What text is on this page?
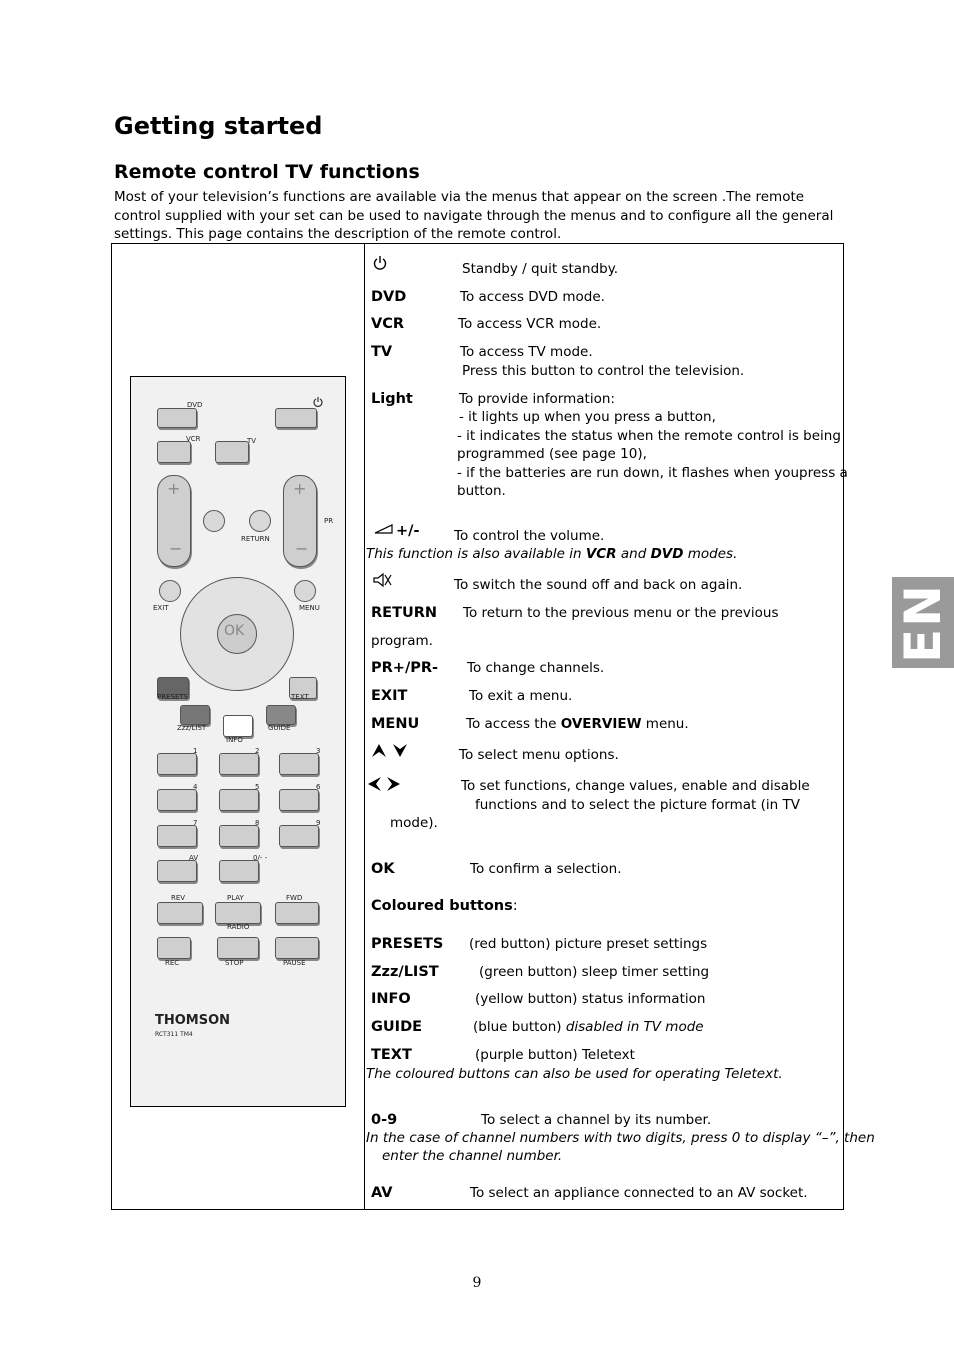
Getting started
Remote control TV functions
Most of your television’s functions are available via the menus that appear on the screen .The remote control supplied with your set can be used to navigate through the menus and to configure all the general settings. This page contains the description of the remote control.
DVD
VCR	TV
+
−
+
−
PR
RETURN
EXIT	MENU
OK
PRESETS	TEXT
Zzz/LIST
INFO
GUIDE
1	2	3
4	5	6
7	8	9
AV	0/- -
REV	PLAY	FWD
RADIO
REC	STOP	PAUSE
THOMSON
RCT311 TM4
Standby / quit standby.
DVD	To access DVD mode.
VCR	To access VCR mode.
TV	To access TV mode.
Press this button to control the television.
Light	To provide information:
- it lights up when you press a button,
- it indicates the status when the remote control is being
programmed (see page 10),
- if the batteries are run down, it flashes when youpress a
button.
+/-	To control the volume.
This function is also available in VCR and DVD modes.
To switch the sound off and back on again.
RETURN To return to the previous menu or the previous
program.
PR+/PR- To change channels.
EXIT	To exit a menu.
MENU	To access the OVERVIEW menu.
To select menu options.
To set functions, change values, enable and disable
functions and to select the picture format (in TV
mode).
OK	To confirm a selection.
Coloured buttons:
PRESETS (red button) picture preset settings
Zzz/LIST	(green button) sleep timer setting
INFO	(yellow button) status information
GUIDE	(blue button) disabled in TV mode
TEXT	(purple button) Teletext
The coloured buttons can also be used for operating Teletext.
0-9	To select a channel by its number.
In the case of channel numbers with two digits, press 0 to display “–”, then
enter the channel number.
AV	To select an appliance connected to an AV socket.
EN
9
